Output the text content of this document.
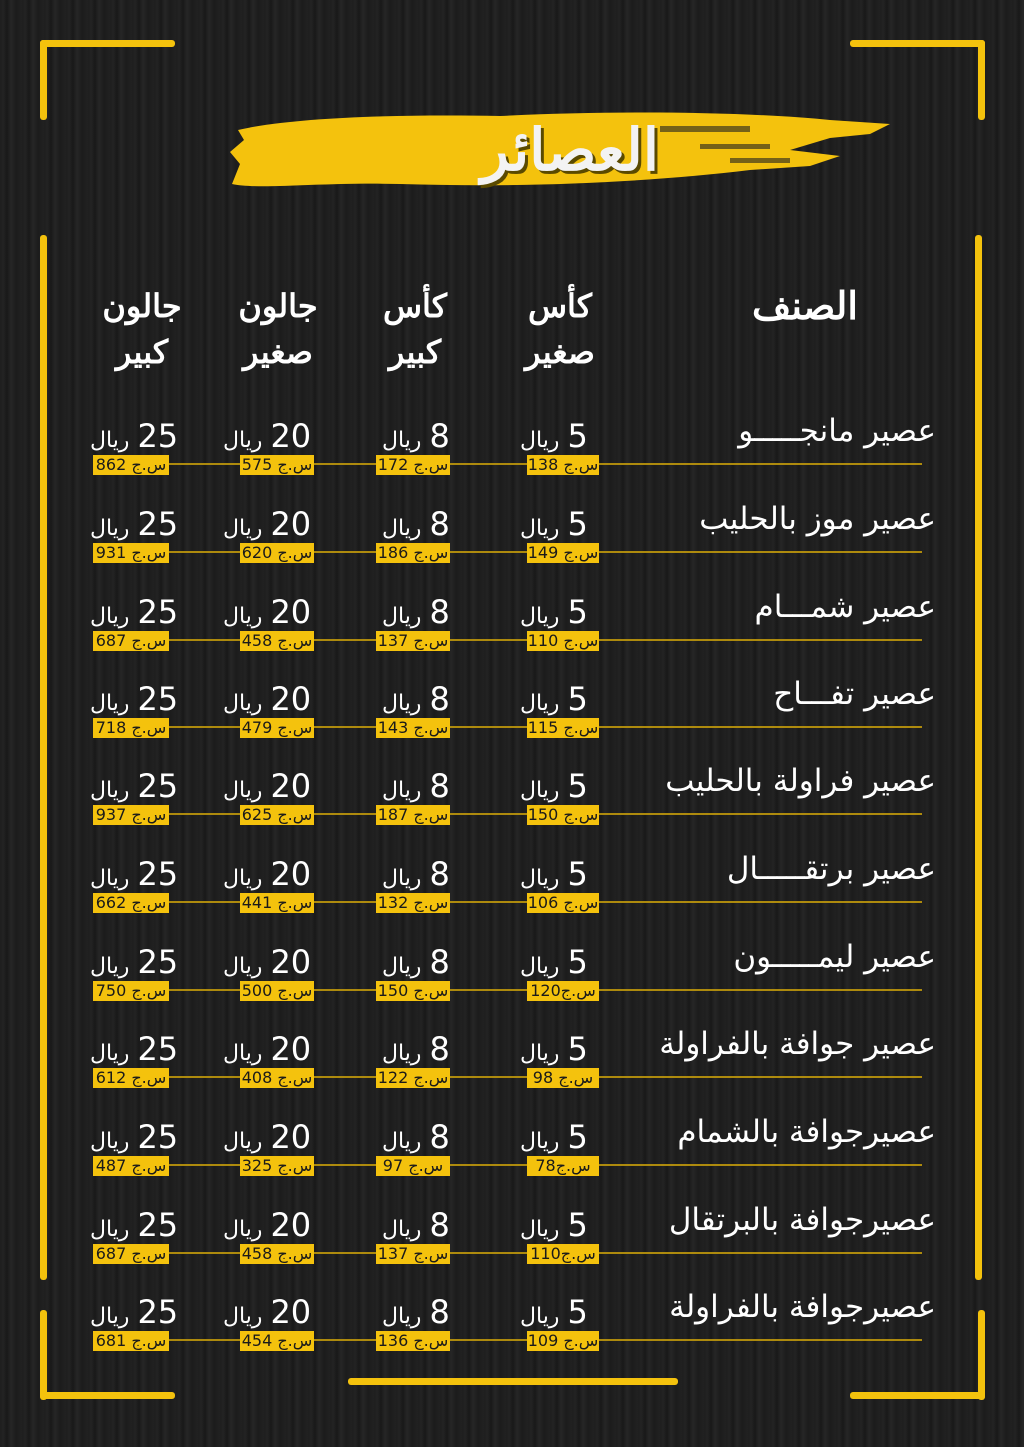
العصائر
الصنف
كأس
صغير
كأس
كبير
جالون
صغير
جالون
كبير
عصير مانجـــــو
ريال 5
138 س.ج
ريال 8
172 س.ج
ريال 20
575 س.ج
ريال 25
862 س.ج
عصير موز بالحليب
ريال 5
149 س.ج
ريال 8
186 س.ج
ريال 20
620 س.ج
ريال 25
931 س.ج
عصير شمـــام
ريال 5
110 س.ج
ريال 8
137 س.ج
ريال 20
458 س.ج
ريال 25
687 س.ج
عصير تفـــاح
ريال 5
115 س.ج
ريال 8
143 س.ج
ريال 20
479 س.ج
ريال 25
718 س.ج
عصير فراولة بالحليب
ريال 5
150 س.ج
ريال 8
187 س.ج
ريال 20
625 س.ج
ريال 25
937 س.ج
عصير برتقـــــال
ريال 5
106 س.ج
ريال 8
132 س.ج
ريال 20
441 س.ج
ريال 25
662 س.ج
عصير ليمـــــون
ريال 5
120س.ج
ريال 8
150 س.ج
ريال 20
500 س.ج
ريال 25
750 س.ج
عصير جوافة بالفراولة
ريال 5
98 س.ج
ريال 8
122 س.ج
ريال 20
408 س.ج
ريال 25
612 س.ج
عصيرجوافة بالشمام
ريال 5
78س.ج
ريال 8
97 س.ج
ريال 20
325 س.ج
ريال 25
487 س.ج
عصيرجوافة بالبرتقال
ريال 5
110س.ج
ريال 8
137 س.ج
ريال 20
458 س.ج
ريال 25
687 س.ج
عصيرجوافة بالفراولة
ريال 5
109 س.ج
ريال 8
136 س.ج
ريال 20
454 س.ج
ريال 25
681 س.ج
